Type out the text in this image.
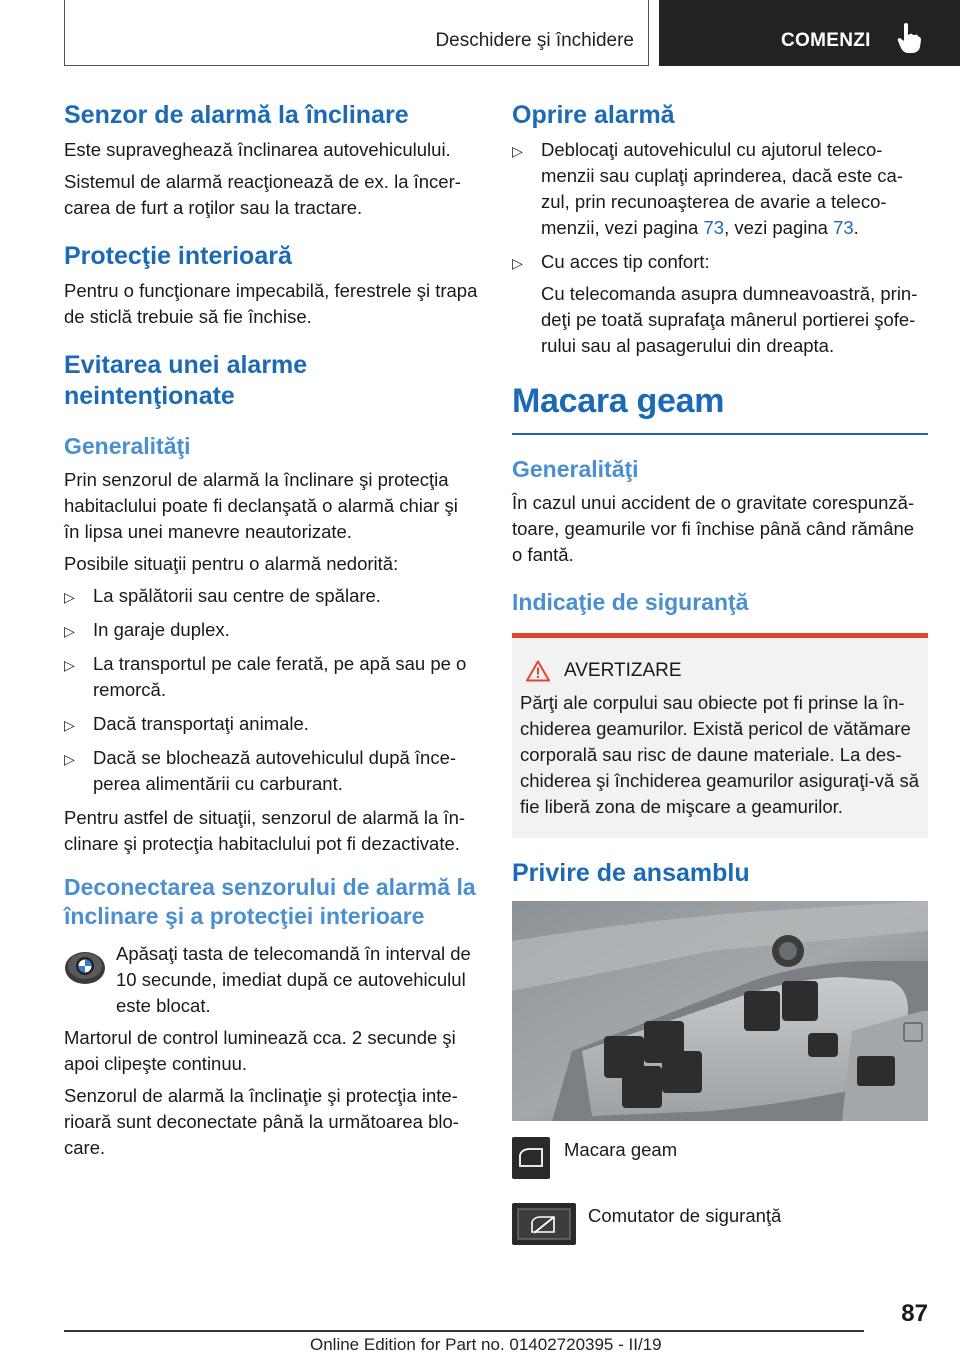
Deschidere şi închidere	COMENZI
Senzor de alarmă la înclinare

Este supraveghează înclinarea autovehiculului.

Sistemul de alarmă reacţionează de ex. la încer‐carea de furt a roţilor sau la tractare.

Protecţie interioară

Pentru o funcţionare impecabilă, ferestrele şi trapa de sticlă trebuie să fie închise.

Evitarea unei alarme neintenţionate
Generalităţi

Prin senzorul de alarmă la înclinare şi protecţia habitaclului poate fi declanşată o alarmă chiar şi în lipsa unei manevre neautorizate.

Posibile situaţii pentru o alarmă nedorită:

▷ La spălătorii sau centre de spălare.
▷ In garaje duplex.
▷ La transportul pe cale ferată, pe apă sau pe o remorcă.
▷ Dacă transportaţi animale.
▷ Dacă se blochează autovehiculul după înce‐perea alimentării cu carburant.

Pentru astfel de situaţii, senzorul de alarmă la în‐clinare şi protecţia habitaclului pot fi dezactivate.

Deconectarea senzorului de alarmă la înclinare şi a protecţiei interioare
Apăsaţi tasta de telecomandă în interval de 10 secunde, imediat după ce autovehiculul este blocat.

Martorul de control luminează cca. 2 secunde şi apoi clipeşte continuu.

Senzorul de alarmă la înclinaţie şi protecţia inte‐rioară sunt deconectate până la următoarea blo‐care.

Oprire alarmă
▷ Deblocaţi autovehiculul cu ajutorul teleco‐menzii sau cuplaţi aprinderea, dacă este ca‐zul, prin recunoaşterea de avarie a teleco‐menzii, vezi pagina 73, vezi pagina 73.
▷ Cu acces tip confort:
Cu telecomanda asupra dumneavoastră, prin‐deţi pe toată suprafaţa mânerul portierei şofe‐rului sau al pasagerului din dreapta.
Macara geam
Generalităţi

În cazul unui accident de o gravitate corespunză‐toare, geamurile vor fi închise până când rămâne o fantă.

Indicaţie de siguranţă
AVERTIZARE

Părţi ale corpului sau obiecte pot fi prinse la în‐chiderea geamurilor. Există pericol de vătămare corporală sau risc de daune materiale. La des‐chiderea şi închiderea geamurilor asiguraţi-vă să fie liberă zona de mişcare a geamurilor.

Privire de ansamblu
Macara geam
Comutator de siguranţă
87
Online Edition for Part no. 01402720395 - II/19
